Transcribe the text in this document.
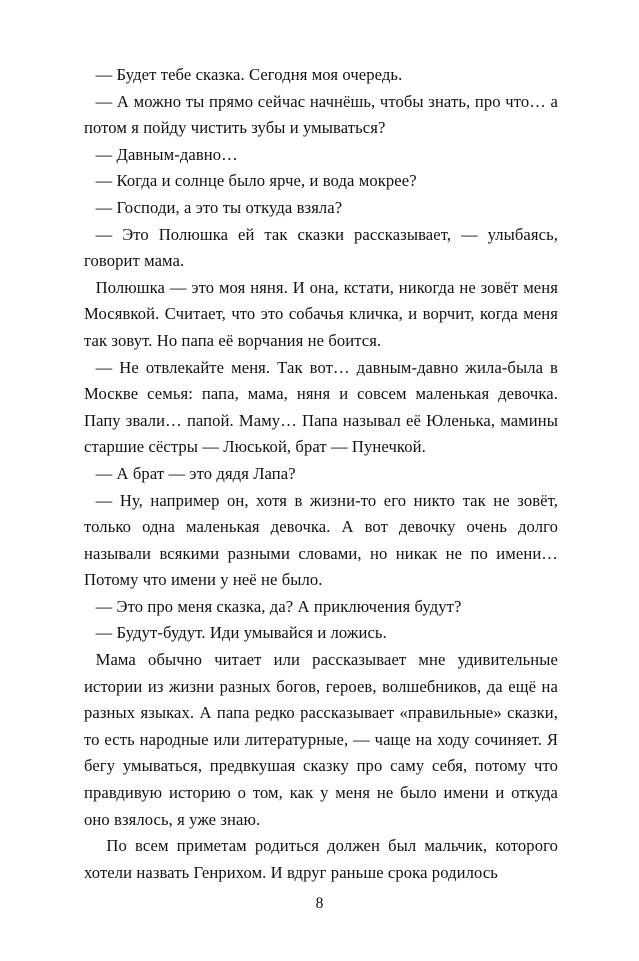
— Будет тебе сказка. Сегодня моя очередь.

— А можно ты прямо сейчас начнёшь, чтобы знать, про что… а потом я пойду чистить зубы и умываться?

— Давным-давно…

— Когда и солнце было ярче, и вода мокрее?

— Господи, а это ты откуда взяла?

— Это Полюшка ей так сказки рассказывает, — улыбаясь, говорит мама.

Полюшка — это моя няня. И она, кстати, никогда не зовёт меня Мосявкой. Считает, что это собачья кличка, и ворчит, когда меня так зовут. Но папа её ворчания не боится.

— Не отвлекайте меня. Так вот… давным-давно жила-была в Москве семья: папа, мама, няня и совсем маленькая девочка. Папу звали… папой. Маму… Папа называл её Юленька, мамины старшие сёстры — Люськой, брат — Пунечкой.

— А брат — это дядя Лапа?

— Ну, например он, хотя в жизни-то его никто так не зовёт, только одна маленькая девочка. А вот девочку очень долго называли всякими разными словами, но никак не по имени… Потому что имени у неё не было.

— Это про меня сказка, да? А приключения будут?

— Будут-будут. Иди умывайся и ложись.

Мама обычно читает или рассказывает мне удивительные истории из жизни разных богов, героев, волшебников, да ещё на разных языках. А папа редко рассказывает «правильные» сказки, то есть народные или литературные, — чаще на ходу сочиняет. Я бегу умываться, предвкушая сказку про саму себя, потому что правдивую историю о том, как у меня не было имени и откуда оно взялось, я уже знаю.

По всем приметам родиться должен был мальчик, которого хотели назвать Генрихом. И вдруг раньше срока родилось

8
